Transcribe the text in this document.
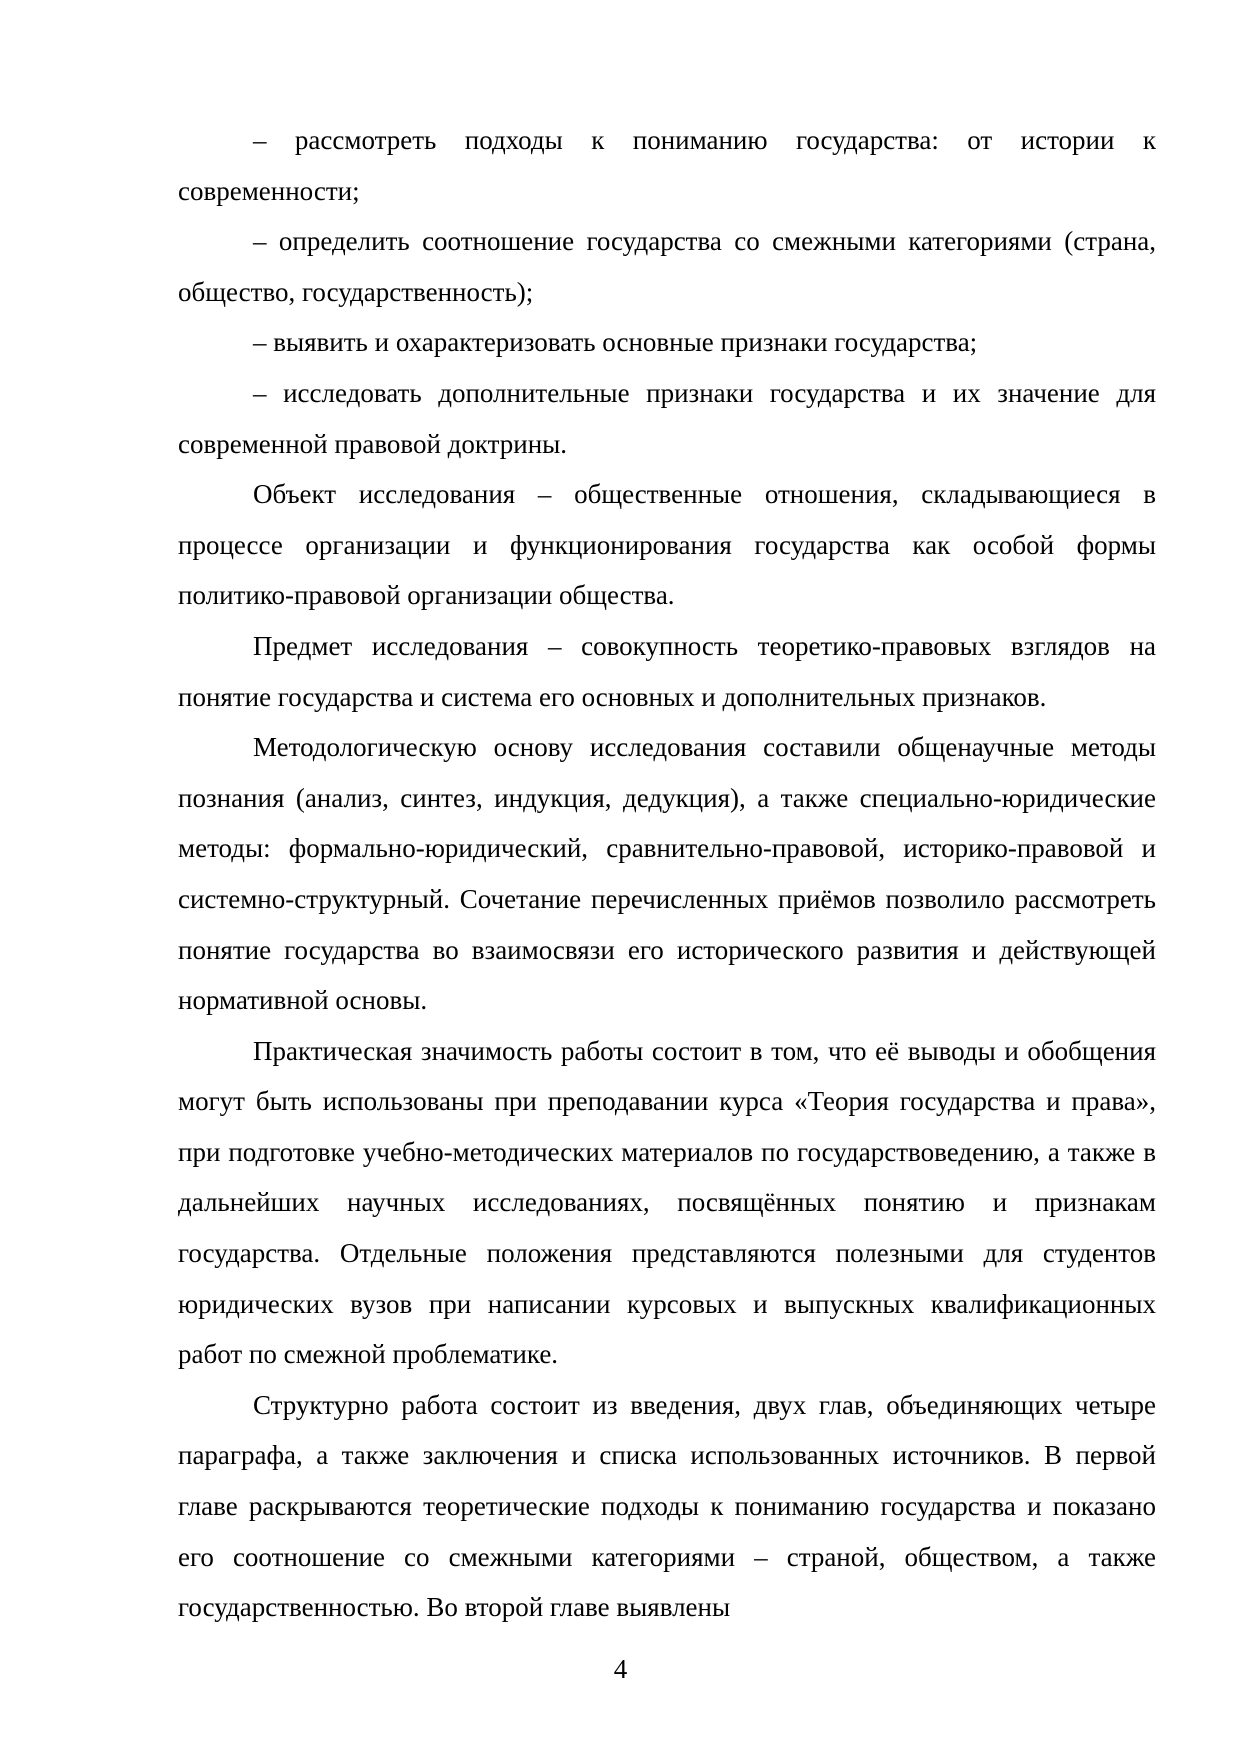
– рассмотреть подходы к пониманию государства: от истории к современности;

– определить соотношение государства со смежными категориями (страна, общество, государственность);

– выявить и охарактеризовать основные признаки государства;

– исследовать дополнительные признаки государства и их значение для современной правовой доктрины.

Объект исследования – общественные отношения, складывающиеся в процессе организации и функционирования государства как особой формы политико-правовой организации общества.

Предмет исследования – совокупность теоретико-правовых взглядов на понятие государства и система его основных и дополнительных признаков.

Методологическую основу исследования составили общенаучные методы познания (анализ, синтез, индукция, дедукция), а также специально-юридические методы: формально-юридический, сравнительно-правовой, историко-правовой и системно-структурный. Сочетание перечисленных приёмов позволило рассмотреть понятие государства во взаимосвязи его исторического развития и действующей нормативной основы.

Практическая значимость работы состоит в том, что её выводы и обобщения могут быть использованы при преподавании курса «Теория государства и права», при подготовке учебно-методических материалов по государствоведению, а также в дальнейших научных исследованиях, посвящённых понятию и признакам государства. Отдельные положения представляются полезными для студентов юридических вузов при написании курсовых и выпускных квалификационных работ по смежной проблематике.

Структурно работа состоит из введения, двух глав, объединяющих четыре параграфа, а также заключения и списка использованных источников. В первой главе раскрываются теоретические подходы к пониманию государства и показано его соотношение со смежными категориями – страной, обществом, а также государственностью. Во второй главе выявлены

4
